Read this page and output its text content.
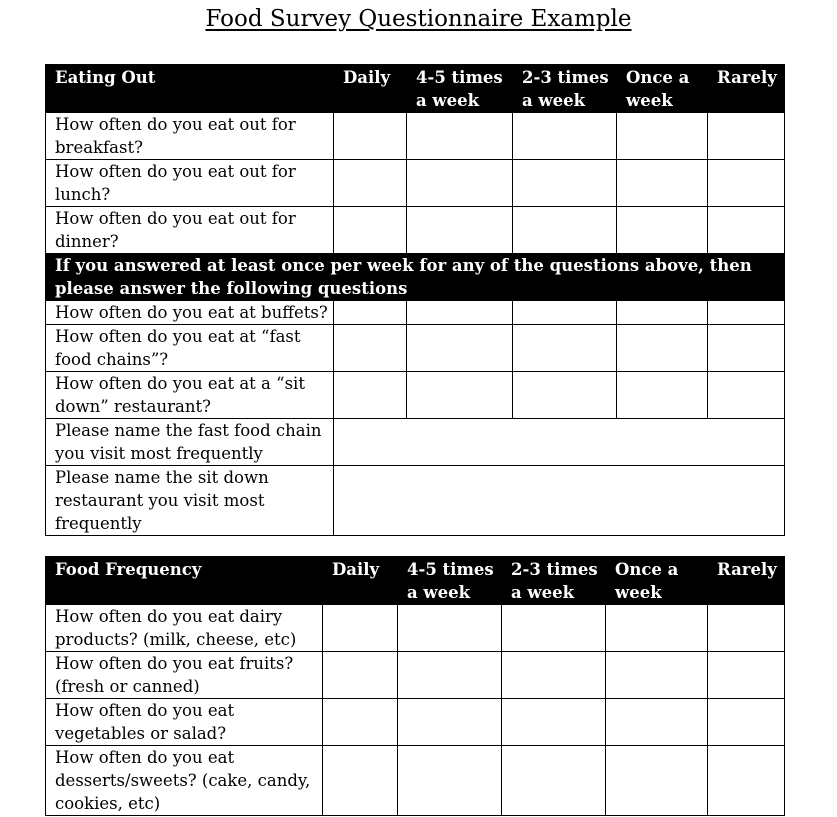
Food Survey Questionnaire Example
Eating Out	Daily	4-5 times a week	2-3 times a week	Once a week	Rarely
How often do you eat out for breakfast?					
How often do you eat out for lunch?					
How often do you eat out for dinner?					
If you answered at least once per week for any of the questions above, then please answer the following questions					
How often do you eat at buffets?					
How often do you eat at “fast food chains”?					
How often do you eat at a “sit down” restaurant?					
Please name the fast food chain you visit most frequently					
Please name the sit down restaurant you visit most frequently					
Food Frequency	Daily	4-5 times a week	2-3 times a week	Once a week	Rarely
How often do you eat dairy products? (milk, cheese, etc)					
How often do you eat fruits? (fresh or canned)					
How often do you eat vegetables or salad?					
How often do you eat desserts/sweets? (cake, candy, cookies, etc)					
